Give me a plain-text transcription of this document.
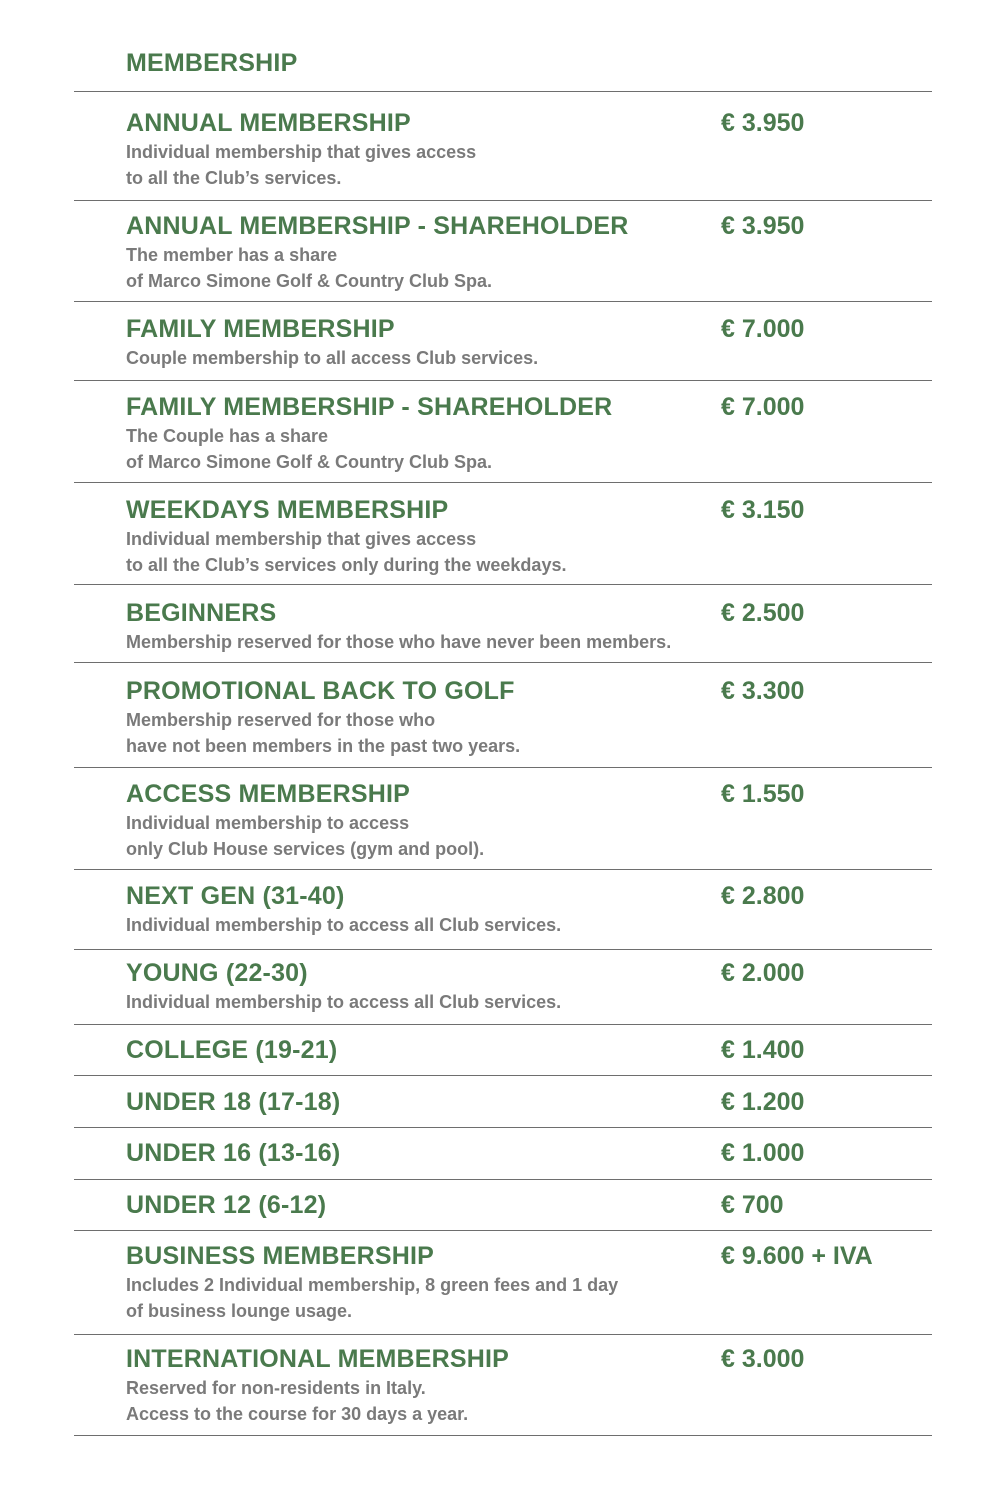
MEMBERSHIP
ANNUAL MEMBERSHIP	€ 3.950
Individual membership that gives access
to all the Club’s services.
ANNUAL MEMBERSHIP - SHAREHOLDER	€ 3.950
The member has a share
of Marco Simone Golf & Country Club Spa.
FAMILY MEMBERSHIP	€ 7.000
Couple membership to all access Club services.
FAMILY MEMBERSHIP - SHAREHOLDER	€ 7.000
The Couple has a share
of Marco Simone Golf & Country Club Spa.
WEEKDAYS MEMBERSHIP	€ 3.150
Individual membership that gives access
to all the Club’s services only during the weekdays.
BEGINNERS	€ 2.500
Membership reserved for those who have never been members.
PROMOTIONAL BACK TO GOLF	€ 3.300
Membership reserved for those who
have not been members in the past two years.
ACCESS MEMBERSHIP	€ 1.550
Individual membership to access
only Club House services (gym and pool).
NEXT GEN (31-40)	€ 2.800
Individual membership to access all Club services.
YOUNG (22-30)	€ 2.000
Individual membership to access all Club services.
COLLEGE (19-21)	€ 1.400
UNDER 18 (17-18)	€ 1.200
UNDER 16 (13-16)	€ 1.000
UNDER 12 (6-12)	€ 700
BUSINESS MEMBERSHIP	€ 9.600 + IVA
Includes 2 Individual membership, 8 green fees and 1 day
of business lounge usage.
INTERNATIONAL MEMBERSHIP	€ 3.000
Reserved for non-residents in Italy.
Access to the course for 30 days a year.
